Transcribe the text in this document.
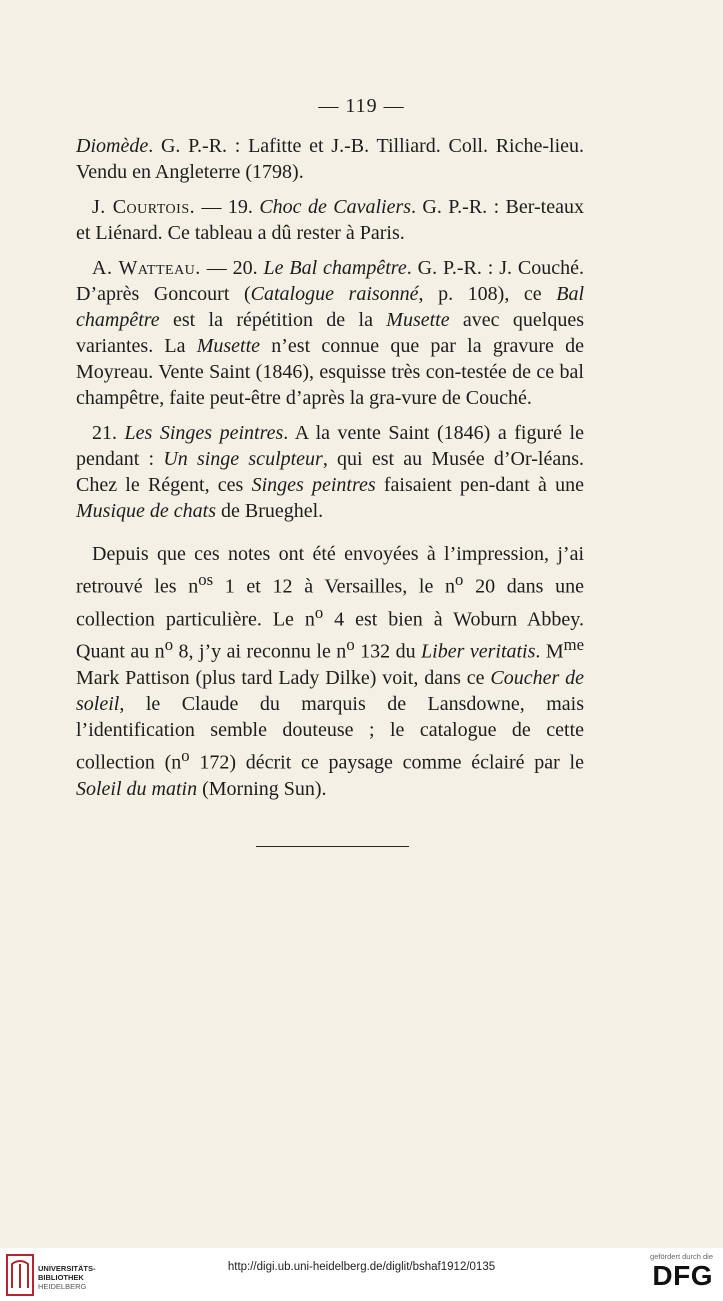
— 119 —

Diomède. G. P.-R. : Lafitte et J.-B. Tilliard. Coll. Riche-lieu. Vendu en Angleterre (1798).

J. Courtois. — 19. Choc de Cavaliers. G. P.-R. : Ber-teaux et Liénard. Ce tableau a dû rester à Paris.

A. Watteau. — 20. Le Bal champêtre. G. P.-R. : J. Couché. D’après Goncourt (Catalogue raisonné, p. 108), ce Bal champêtre est la répétition de la Musette avec quelques variantes. La Musette n’est connue que par la gravure de Moyreau. Vente Saint (1846), esquisse très con-testée de ce bal champêtre, faite peut-être d’après la gra-vure de Couché.

21. Les Singes peintres. A la vente Saint (1846) a figuré le pendant : Un singe sculpteur, qui est au Musée d’Or-léans. Chez le Régent, ces Singes peintres faisaient pen-dant à une Musique de chats de Brueghel.

Depuis que ces notes ont été envoyées à l’impression, j’ai retrouvé les $n^{os}$ 1 et 12 à Versailles, le $n^o$ 20 dans une collection particulière. Le $n^o$ 4 est bien à Woburn Abbey. Quant au $n^o$ 8, j’y ai reconnu le $n^o$ 132 du Liber veritatis. $M^{me}$ Mark Pattison (plus tard Lady Dilke) voit, dans ce Coucher de soleil, le Claude du marquis de Lansdowne, mais l’identification semble douteuse ; le catalogue de cette collection ($n^o$ 172) décrit ce paysage comme éclairé par le Soleil du matin (Morning Sun).

UNIVERSITÄTS-
BIBLIOTHEK
HEIDELBERG
http://digi.ub.uni-heidelberg.de/diglit/bshaf1912/0135
gefördert durch die
DFG
